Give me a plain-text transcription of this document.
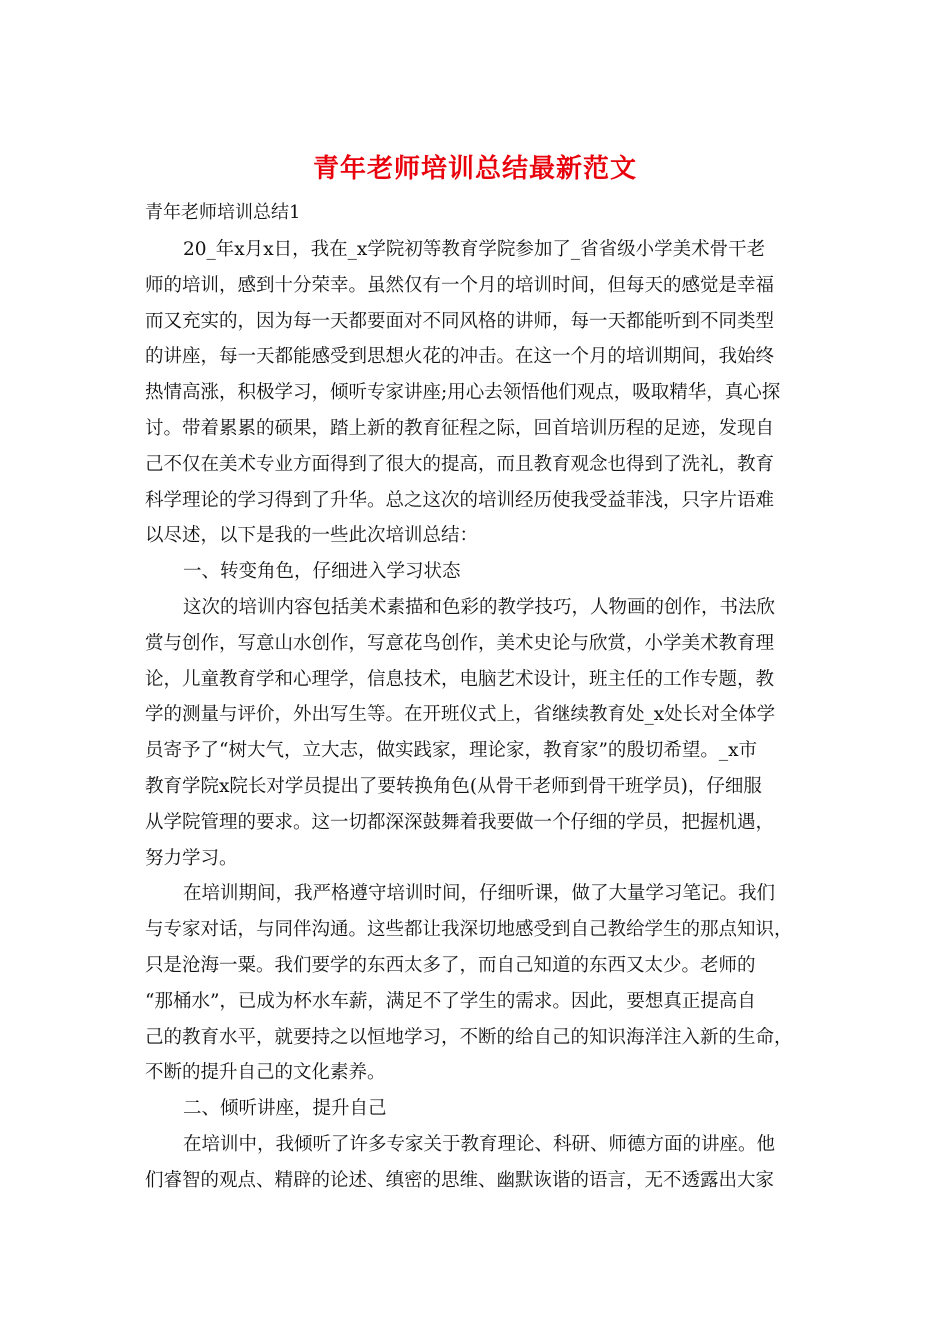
青年老师培训总结最新范文
青年老师培训总结1
20_年x月x日，我在_x学院初等教育学院参加了_省省级小学美术骨干老
师的培训，感到十分荣幸。虽然仅有一个月的培训时间，但每天的感觉是幸福
而又充实的，因为每一天都要面对不同风格的讲师，每一天都能听到不同类型
的讲座，每一天都能感受到思想火花的冲击。在这一个月的培训期间，我始终
热情高涨，积极学习，倾听专家讲座;用心去领悟他们观点，吸取精华，真心探
讨。带着累累的硕果，踏上新的教育征程之际，回首培训历程的足迹，发现自
己不仅在美术专业方面得到了很大的提高，而且教育观念也得到了洗礼，教育
科学理论的学习得到了升华。总之这次的培训经历使我受益菲浅，只字片语难
以尽述，以下是我的一些此次培训总结：
一、转变角色，仔细进入学习状态
这次的培训内容包括美术素描和色彩的教学技巧，人物画的创作，书法欣
赏与创作，写意山水创作，写意花鸟创作，美术史论与欣赏，小学美术教育理
论，儿童教育学和心理学，信息技术，电脑艺术设计，班主任的工作专题，教
学的测量与评价，外出写生等。在开班仪式上，省继续教育处_x处长对全体学
员寄予了“树大气，立大志，做实践家，理论家，教育家”的殷切希望。_x市
教育学院x院长对学员提出了要转换角色(从骨干老师到骨干班学员)，仔细服
从学院管理的要求。这一切都深深鼓舞着我要做一个仔细的学员，把握机遇，
努力学习。
在培训期间，我严格遵守培训时间，仔细听课，做了大量学习笔记。我们
与专家对话，与同伴沟通。这些都让我深切地感受到自己教给学生的那点知识，
只是沧海一粟。我们要学的东西太多了，而自己知道的东西又太少。老师的
“那桶水”，已成为杯水车薪，满足不了学生的需求。因此，要想真正提高自
己的教育水平，就要持之以恒地学习，不断的给自己的知识海洋注入新的生命，
不断的提升自己的文化素养。
二、倾听讲座，提升自己
在培训中，我倾听了许多专家关于教育理论、科研、师德方面的讲座。他
们睿智的观点、精辟的论述、缜密的思维、幽默诙谐的语言，无不透露出大家
